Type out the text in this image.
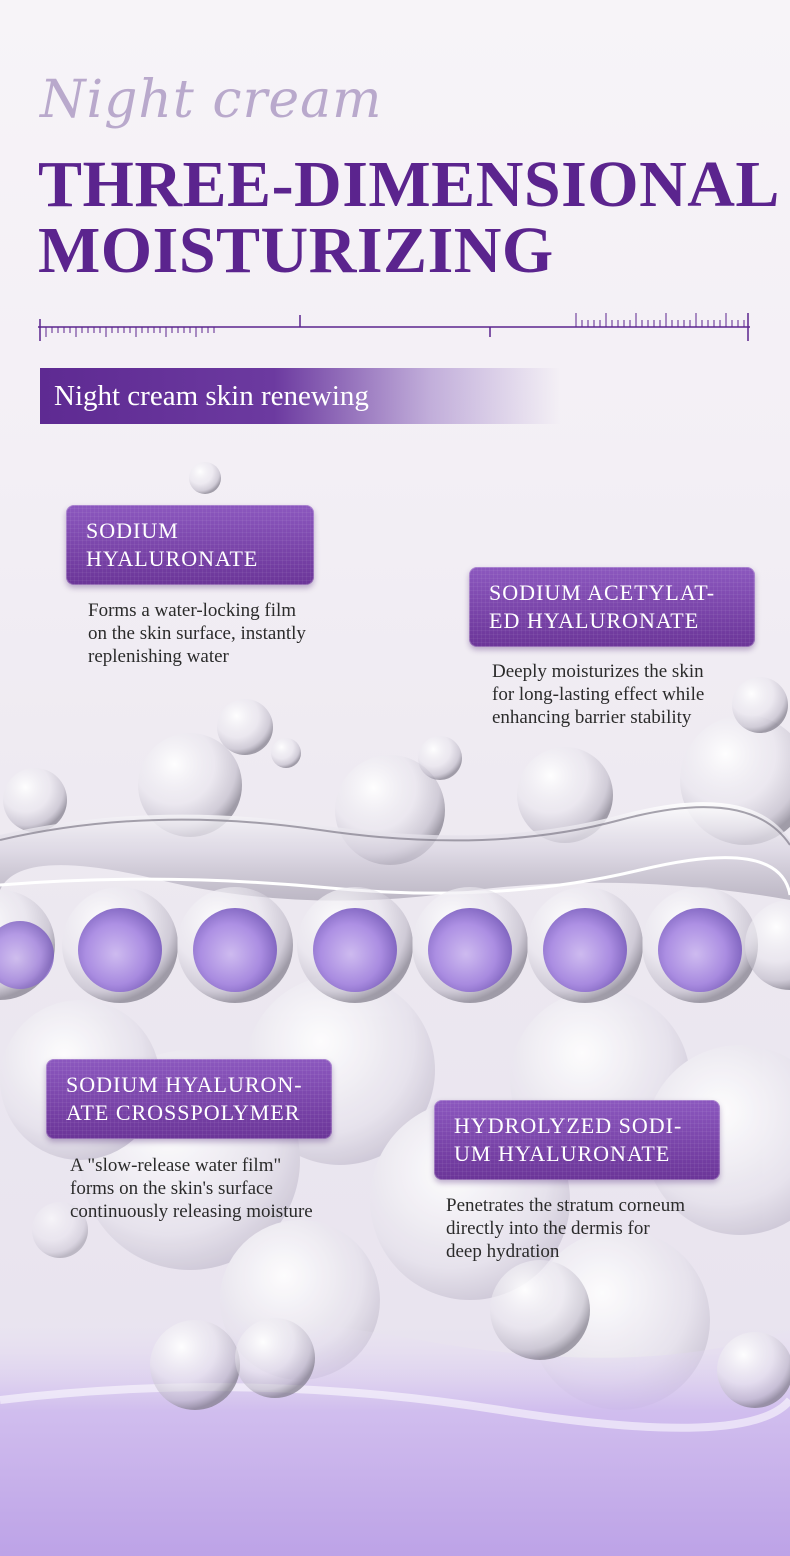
Night cream
THREE-DIMENSIONAL
MOISTURIZING
Night cream skin renewing
SODIUM
HYALURONATE
Forms a water-locking film
on the skin surface, instantly
replenishing water
SODIUM ACETYLAT-
ED HYALURONATE
Deeply moisturizes the skin
for long-lasting effect while
enhancing barrier stability
SODIUM HYALURON-
ATE CROSSPOLYMER
A "slow-release water film"
forms on the skin's surface
continuously releasing moisture
HYDROLYZED SODI-
UM HYALURONATE
Penetrates the stratum corneum
directly into the dermis for
deep hydration
